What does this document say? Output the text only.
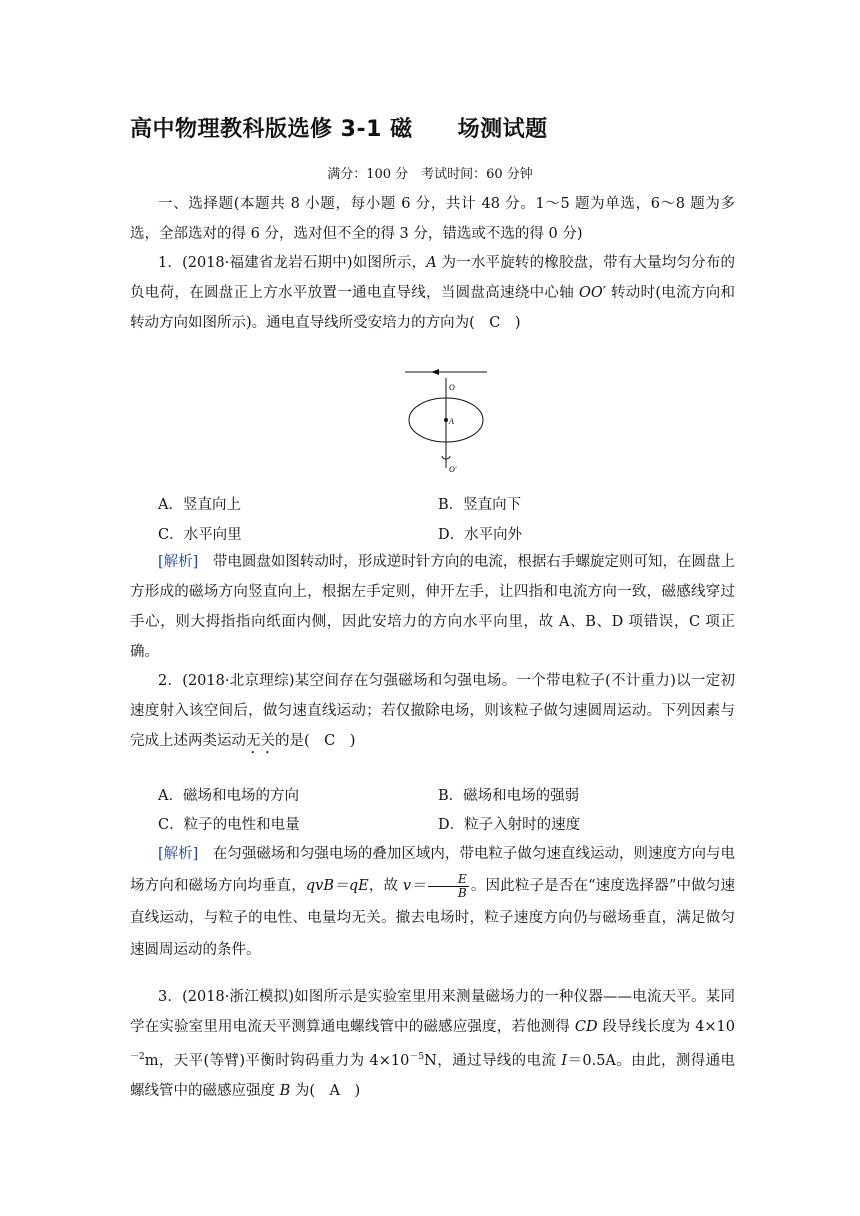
高中物理教科版选修 3-1 磁　　场测试题
满分：100 分　考试时间：60 分钟
一、选择题(本题共 8 小题，每小题 6 分，共计 48 分。1～5 题为单选，6～8 题为多选，全部选对的得 6 分，选对但不全的得 3 分，错选或不选的得 0 分)
1．(2018·福建省龙岩石期中)如图所示，A 为一水平旋转的橡胶盘，带有大量均匀分布的负电荷，在圆盘正上方水平放置一通电直导线，当圆盘高速绕中心轴 OO′ 转动时(电流方向和转动方向如图所示)。通电直导线所受安培力的方向为(　C　)
O
A
O′
A．竖直向上	B．竖直向下
C．水平向里	D．水平向外
[解析]　带电圆盘如图转动时，形成逆时针方向的电流，根据右手螺旋定则可知，在圆盘上方形成的磁场方向竖直向上，根据左手定则，伸开左手，让四指和电流方向一致，磁感线穿过手心，则大拇指指向纸面内侧，因此安培力的方向水平向里，故 A、B、D 项错误，C 项正确。
2．(2018·北京理综)某空间存在匀强磁场和匀强电场。一个带电粒子(不计重力)以一定初速度射入该空间后，做匀速直线运动；若仅撤除电场，则该粒子做匀速圆周运动。下列因素与完成上述两类运动无关的是(　C　)
A．磁场和电场的方向	B．磁场和电场的强弱
C．粒子的电性和电量	D．粒子入射时的速度
[解析]　在匀强磁场和匀强电场的叠加区域内，带电粒子做匀速直线运动，则速度方向与电场方向和磁场方向均垂直，qvB＝qE，故 $v= \frac{E}{B}$ 。因此粒子是否在“速度选择器”中做匀速直线运动，与粒子的电性、电量均无关。撤去电场时，粒子速度方向仍与磁场垂直，满足做匀速圆周运动的条件。
3．(2018·浙江模拟)如图所示是实验室里用来测量磁场力的一种仪器——电流天平。某同学在实验室里用电流天平测算通电螺线管中的磁感应强度，若他测得 CD 段导线长度为 $4\times 10^{-2}m$，天平(等臂)平衡时钩码重力为 $4\times 10^{-5}N$，通过导线的电流 I＝0.5A。由此，测得通电螺线管中的磁感应强度 B 为(　A　)
